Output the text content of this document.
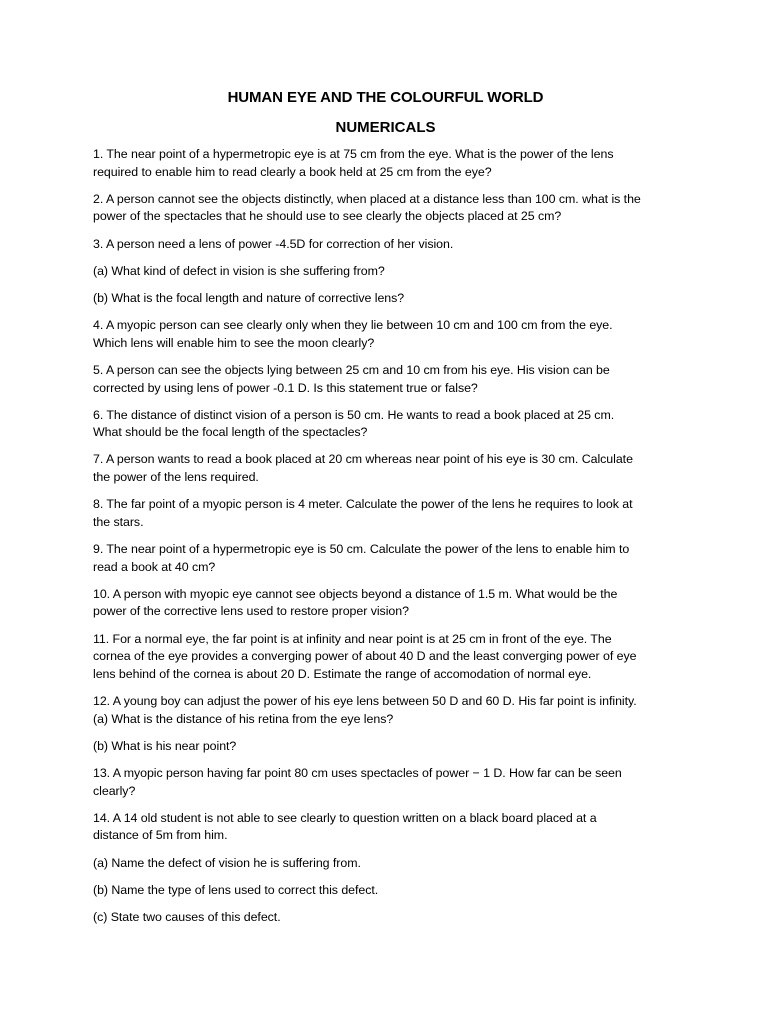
HUMAN EYE AND THE COLOURFUL WORLD
NUMERICALS
1. The near point of a hypermetropic eye is at 75 cm from the eye. What is the power of the lens
required to enable him to read clearly a book held at 25 cm from the eye?
2. A person cannot see the objects distinctly, when placed at a distance less than 100 cm. what is the
power of the spectacles that he should use to see clearly the objects placed at 25 cm?
3. A person need a lens of power -4.5D for correction of her vision.
(a) What kind of defect in vision is she suffering from?
(b) What is the focal length and nature of corrective lens?
4. A myopic person can see clearly only when they lie between 10 cm and 100 cm from the eye.
Which lens will enable him to see the moon clearly?
5. A person can see the objects lying between 25 cm and 10 cm from his eye. His vision can be
corrected by using lens of power -0.1 D. Is this statement true or false?
6. The distance of distinct vision of a person is 50 cm. He wants to read a book placed at 25 cm.
What should be the focal length of the spectacles?
7. A person wants to read a book placed at 20 cm whereas near point of his eye is 30 cm. Calculate
the power of the lens required.
8. The far point of a myopic person is 4 meter. Calculate the power of the lens he requires to look at
the stars.
9. The near point of a hypermetropic eye is 50 cm. Calculate the power of the lens to enable him to
read a book at 40 cm?
10. A person with myopic eye cannot see objects beyond a distance of 1.5 m. What would be the
power of the corrective lens used to restore proper vision?
11. For a normal eye, the far point is at infinity and near point is at 25 cm in front of the eye. The
cornea of the eye provides a converging power of about 40 D and the least converging power of eye
lens behind of the cornea is about 20 D. Estimate the range of accomodation of normal eye.
12. A young boy can adjust the power of his eye lens between 50 D and 60 D. His far point is infinity.
(a) What is the distance of his retina from the eye lens?
(b) What is his near point?
13. A myopic person having far point 80 cm uses spectacles of power − 1 D. How far can be seen
clearly?
14. A 14 old student is not able to see clearly to question written on a black board placed at a
distance of 5m from him.
(a) Name the defect of vision he is suffering from.
(b) Name the type of lens used to correct this defect.
(c) State two causes of this defect.
